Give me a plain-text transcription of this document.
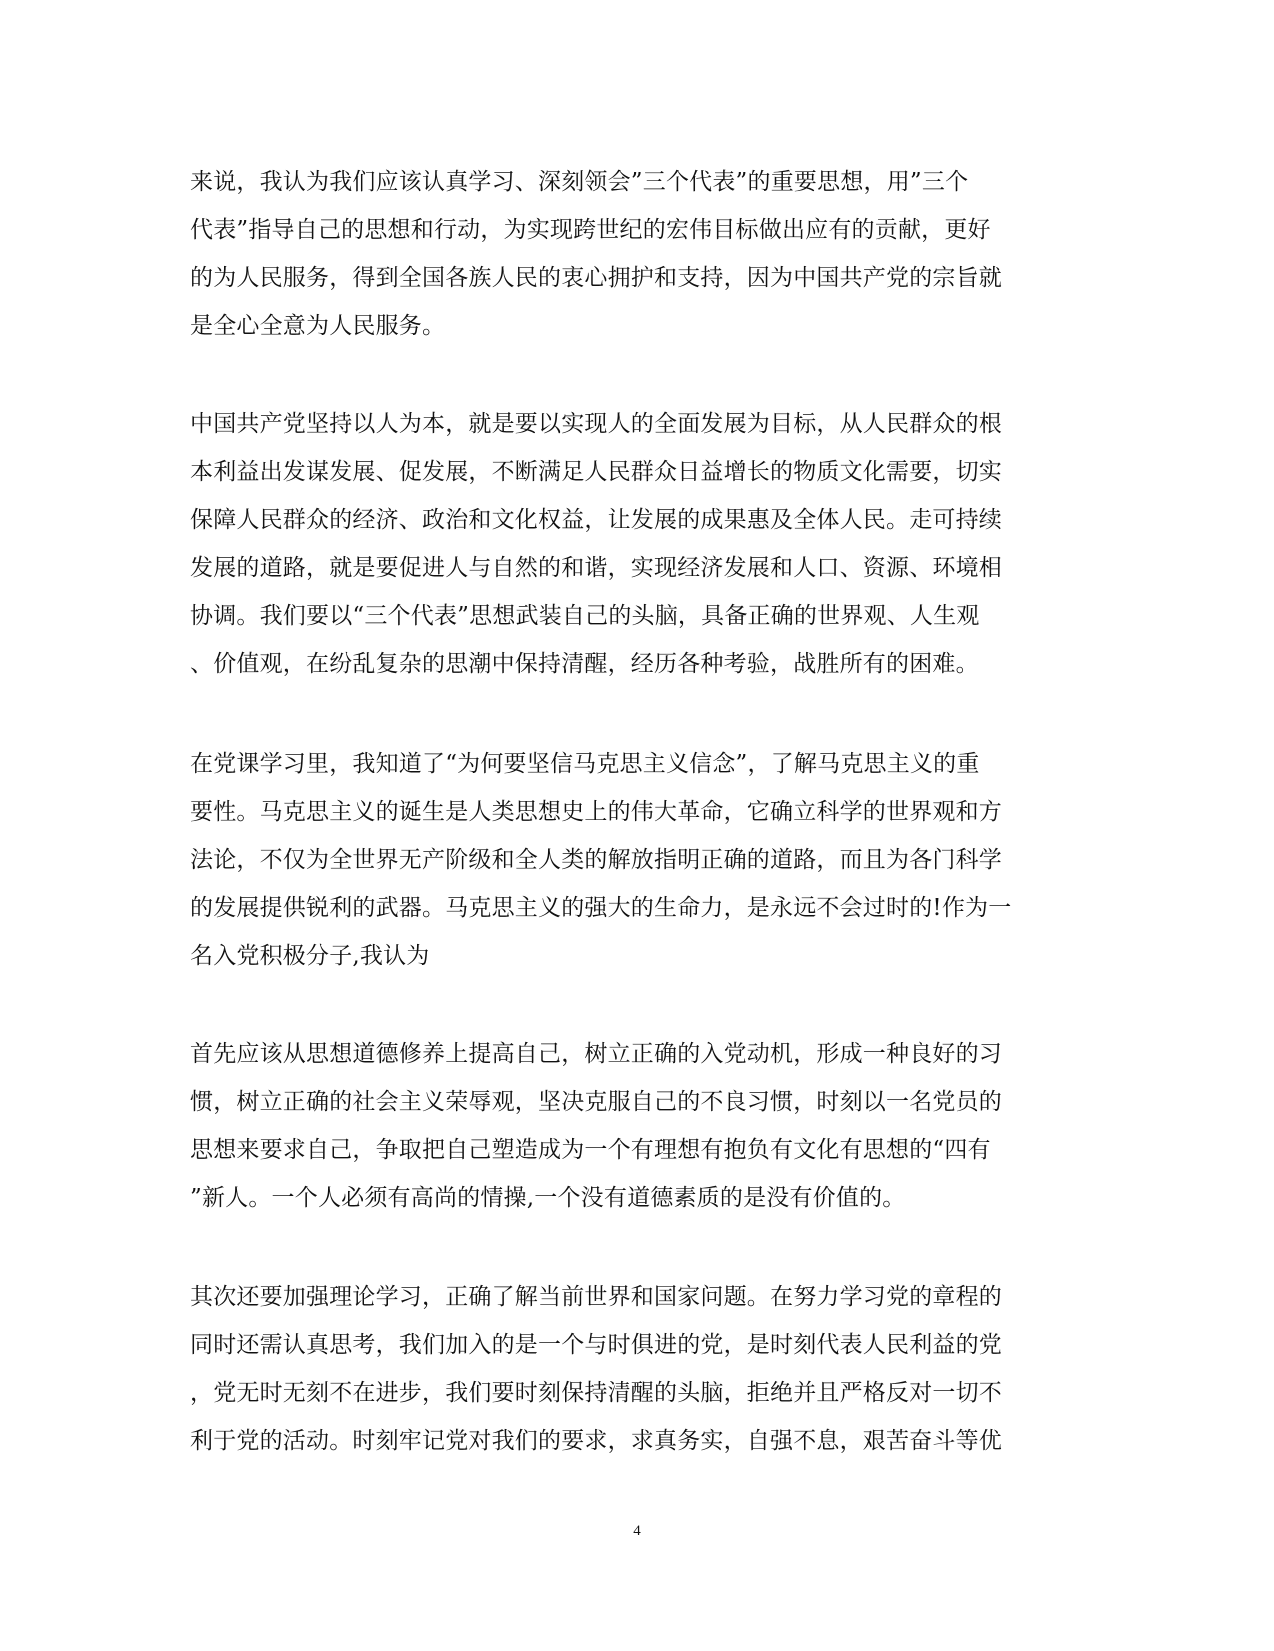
来说，我认为我们应该认真学习、深刻领会”三个代表”的重要思想，用”三个
代表”指导自己的思想和行动，为实现跨世纪的宏伟目标做出应有的贡献，更好
的为人民服务，得到全国各族人民的衷心拥护和支持，因为中国共产党的宗旨就
是全心全意为人民服务。
中国共产党坚持以人为本，就是要以实现人的全面发展为目标，从人民群众的根
本利益出发谋发展、促发展，不断满足人民群众日益增长的物质文化需要，切实
保障人民群众的经济、政治和文化权益，让发展的成果惠及全体人民。走可持续
发展的道路，就是要促进人与自然的和谐，实现经济发展和人口、资源、环境相
协调。我们要以“三个代表”思想武装自己的头脑，具备正确的世界观、人生观
、价值观，在纷乱复杂的思潮中保持清醒，经历各种考验，战胜所有的困难。
在党课学习里，我知道了“为何要坚信马克思主义信念”，了解马克思主义的重
要性。马克思主义的诞生是人类思想史上的伟大革命，它确立科学的世界观和方
法论，不仅为全世界无产阶级和全人类的解放指明正确的道路，而且为各门科学
的发展提供锐利的武器。马克思主义的强大的生命力，是永远不会过时的!作为一
名入党积极分子,我认为
首先应该从思想道德修养上提高自己，树立正确的入党动机，形成一种良好的习
惯，树立正确的社会主义荣辱观，坚决克服自己的不良习惯，时刻以一名党员的
思想来要求自己，争取把自己塑造成为一个有理想有抱负有文化有思想的“四有
”新人。一个人必须有高尚的情操,一个没有道德素质的是没有价值的。
其次还要加强理论学习，正确了解当前世界和国家问题。在努力学习党的章程的
同时还需认真思考，我们加入的是一个与时俱进的党，是时刻代表人民利益的党
，党无时无刻不在进步，我们要时刻保持清醒的头脑，拒绝并且严格反对一切不
利于党的活动。时刻牢记党对我们的要求，求真务实，自强不息，艰苦奋斗等优
4
